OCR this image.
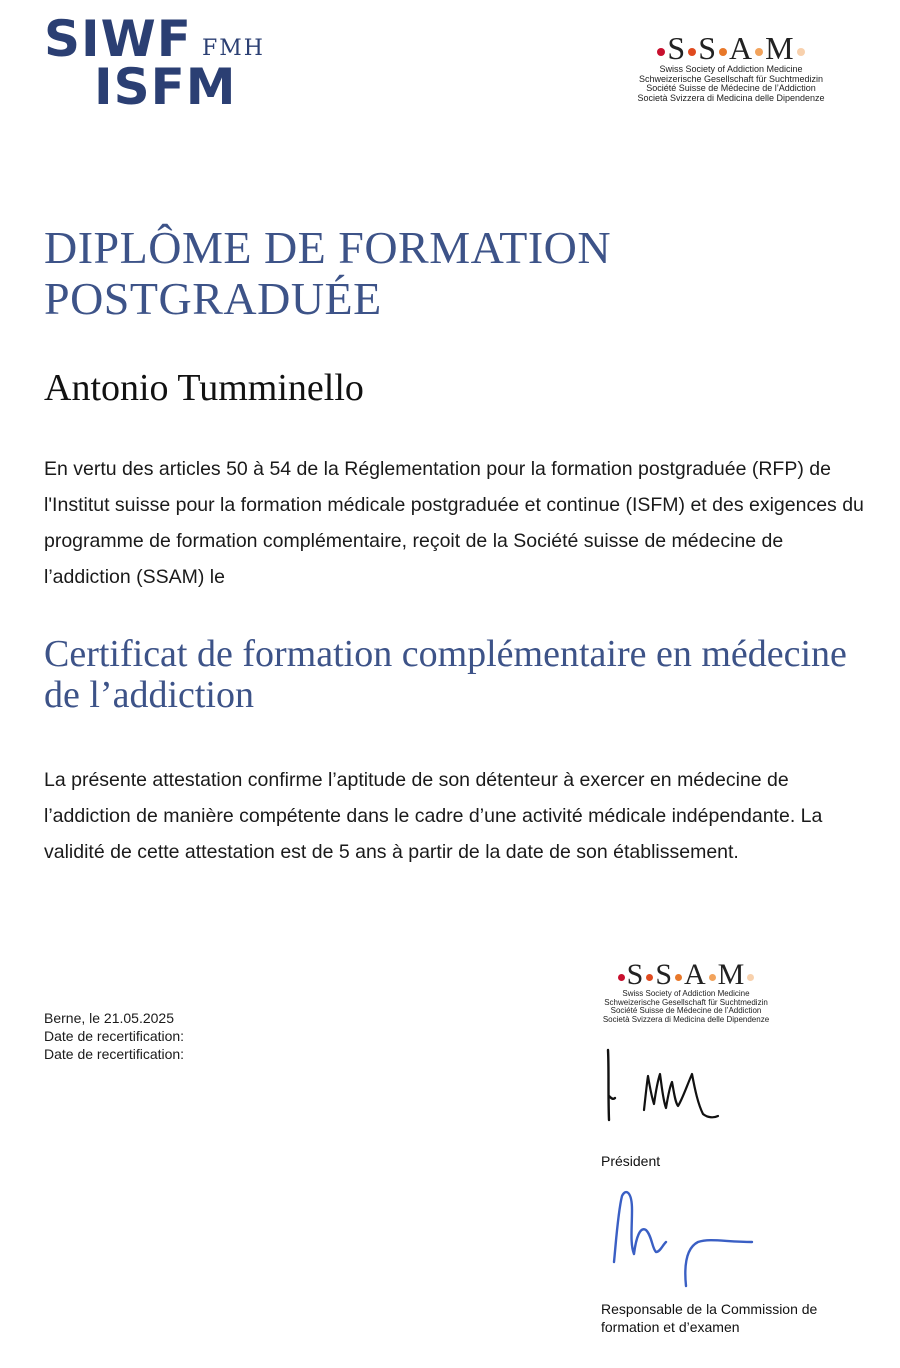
SIWF FMH
ISFM
S S A M
Swiss Society of Addiction Medicine
Schweizerische Gesellschaft für Suchtmedizin
Société Suisse de Médecine de l’Addiction
Società Svizzera di Medicina delle Dipendenze
DIPLÔME DE FORMATION POSTGRADUÉE
Antonio Tumminello

En vertu des articles 50 à 54 de la Réglementation pour la formation postgraduée (RFP) de l'Institut suisse pour la formation médicale postgraduée et continue (ISFM) et des exigences du programme de formation complémentaire, reçoit de la Société suisse de médecine de l’addiction (SSAM) le

Certificat de formation complémentaire en médecine de l’addiction

La présente attestation confirme l’aptitude de son détenteur à exercer en médecine de l’addiction de manière compétente dans le cadre d’une activité médicale indépendante. La validité de cette attestation est de 5 ans à partir de la date de son établissement.

Berne, le 21.05.2025
Date de recertification:
Date de recertification:
S S A M
Swiss Society of Addiction Medicine
Schweizerische Gesellschaft für Suchtmedizin
Société Suisse de Médecine de l’Addiction
Società Svizzera di Medicina delle Dipendenze
Président
Responsable de la Commission de
formation et d’examen
